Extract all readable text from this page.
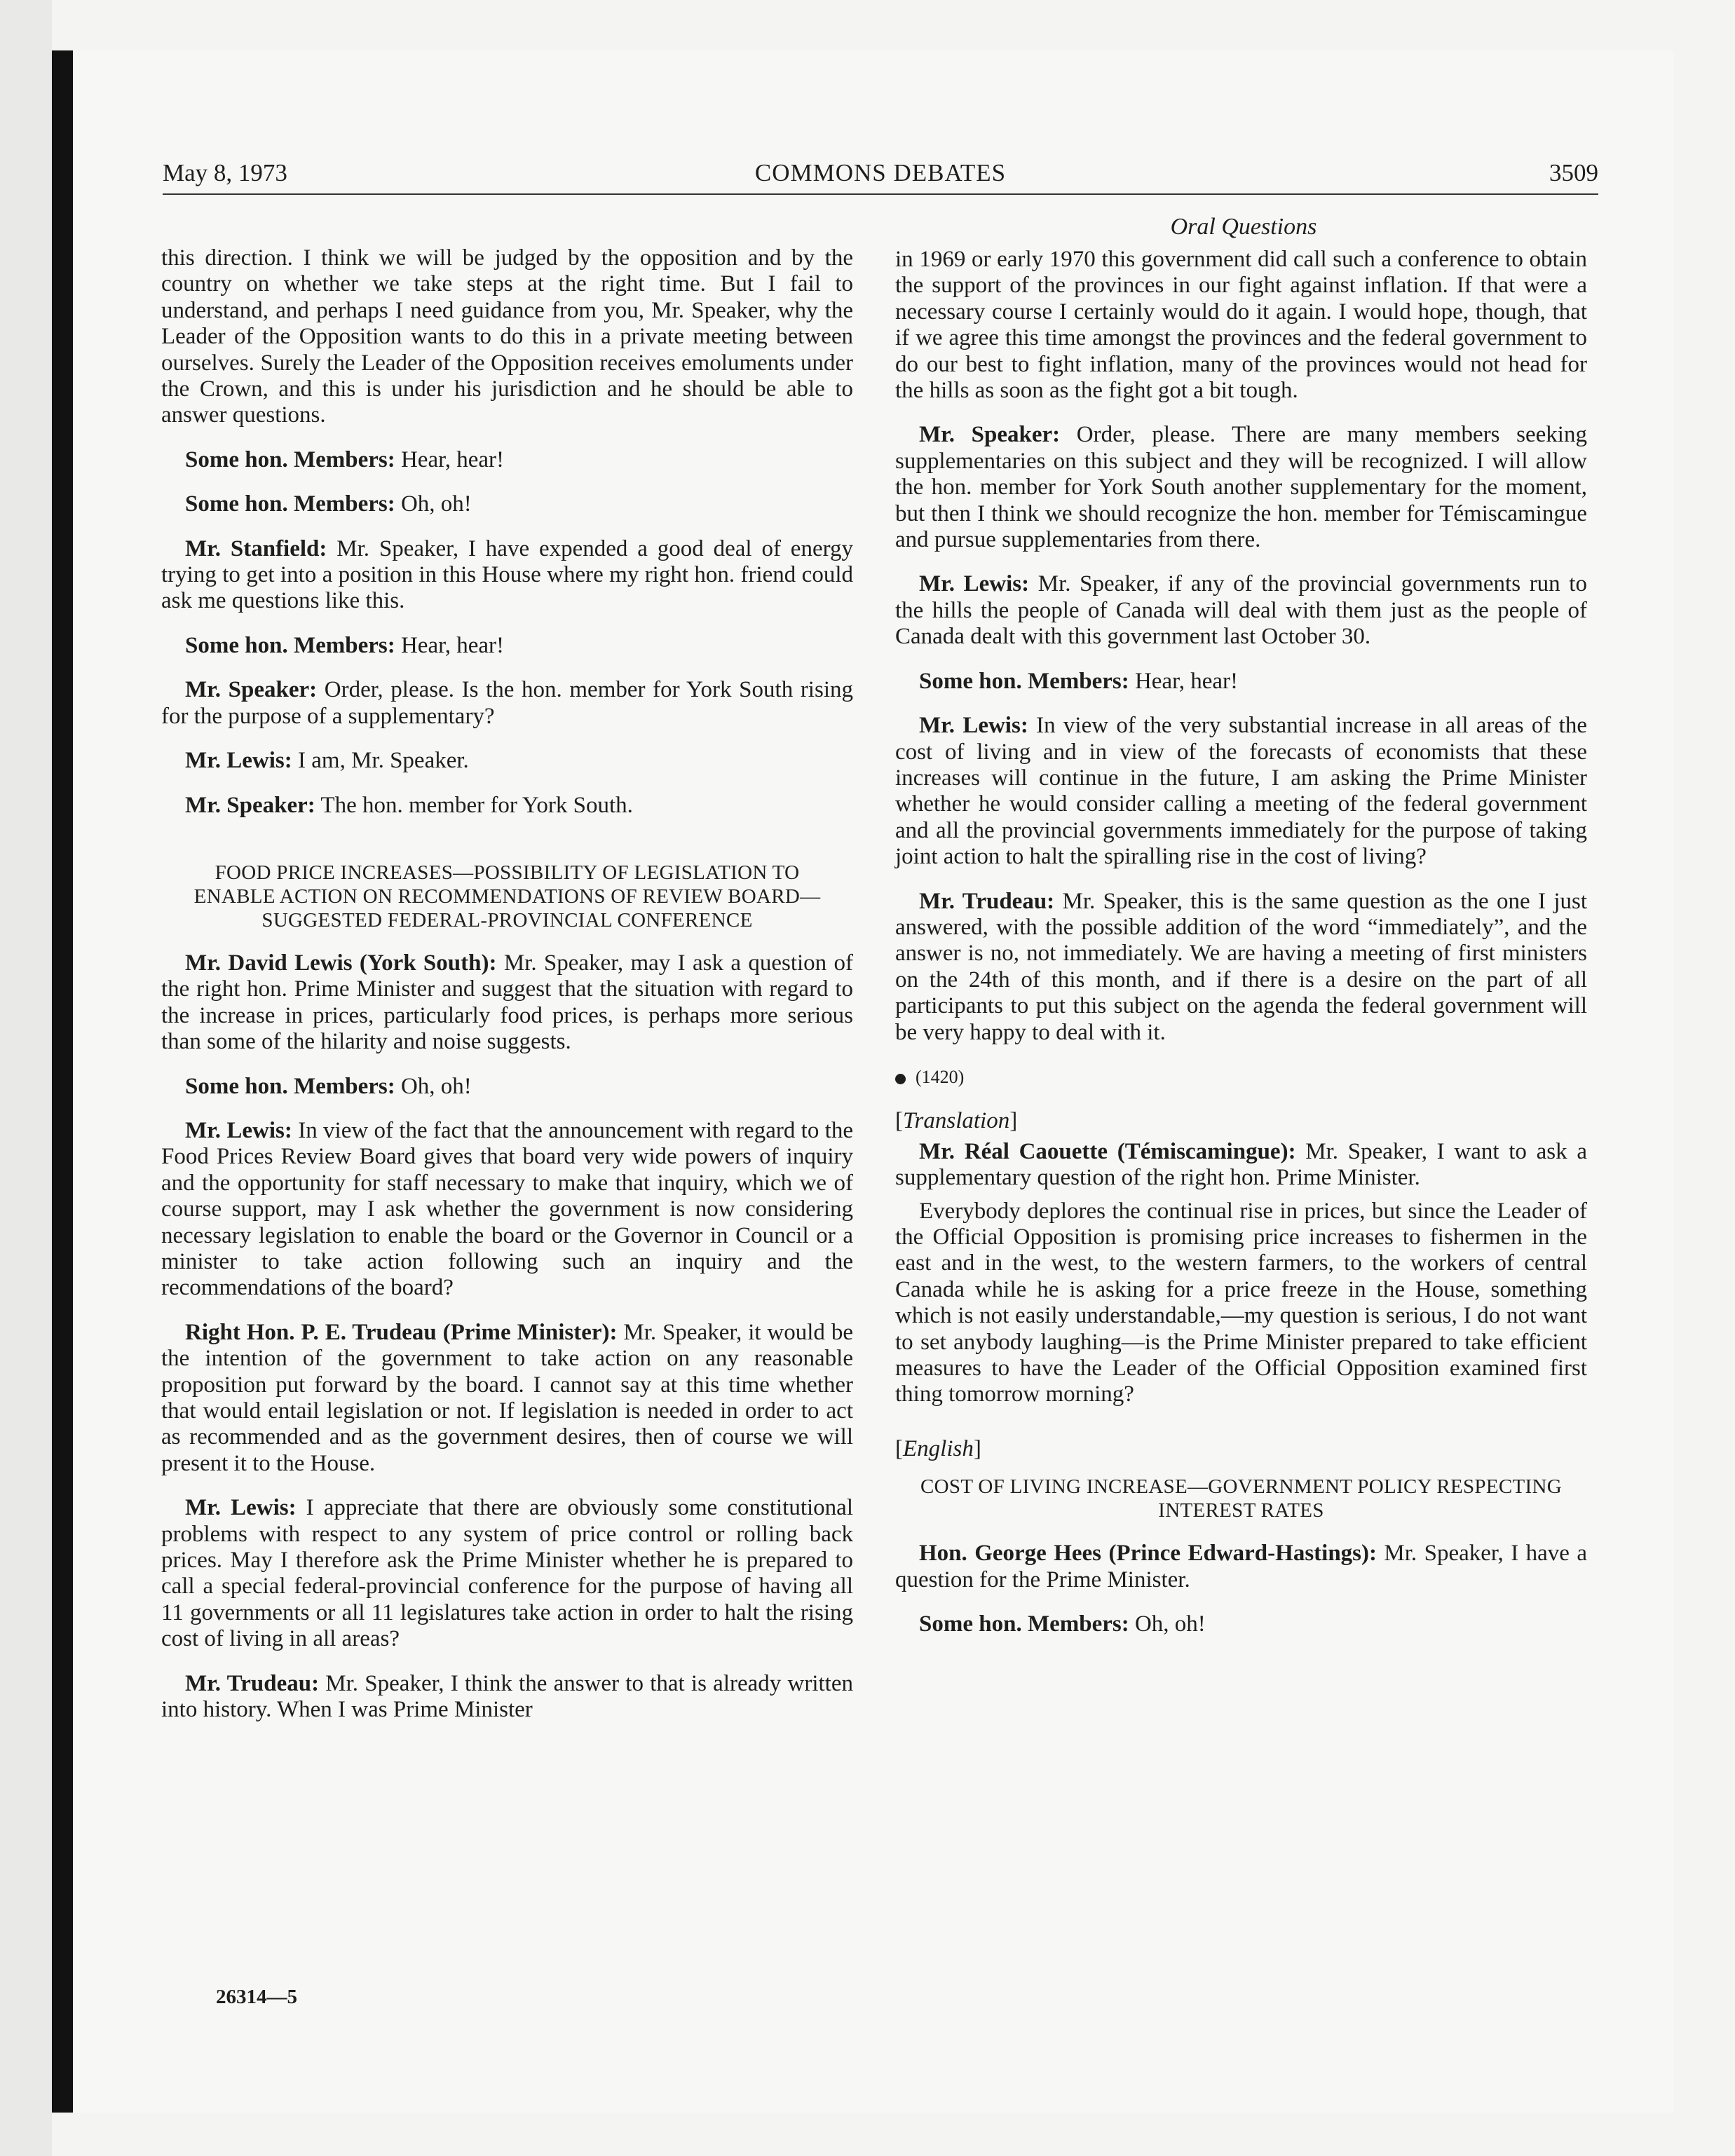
May 8, 1973	COMMONS DEBATES	3509
Oral Questions

this direction. I think we will be judged by the opposition and by the country on whether we take steps at the right time. But I fail to understand, and perhaps I need guidance from you, Mr. Speaker, why the Leader of the Opposition wants to do this in a private meeting between ourselves. Surely the Leader of the Opposition receives emoluments under the Crown, and this is under his jurisdiction and he should be able to answer questions.

Some hon. Members: Hear, hear!

Some hon. Members: Oh, oh!

Mr. Stanfield: Mr. Speaker, I have expended a good deal of energy trying to get into a position in this House where my right hon. friend could ask me questions like this.

Some hon. Members: Hear, hear!

Mr. Speaker: Order, please. Is the hon. member for York South rising for the purpose of a supplementary?

Mr. Lewis: I am, Mr. Speaker.

Mr. Speaker: The hon. member for York South.

FOOD PRICE INCREASES—POSSIBILITY OF LEGISLATION TO ENABLE ACTION ON RECOMMENDATIONS OF REVIEW BOARD—SUGGESTED FEDERAL-PROVINCIAL CONFERENCE

Mr. David Lewis (York South): Mr. Speaker, may I ask a question of the right hon. Prime Minister and suggest that the situation with regard to the increase in prices, particularly food prices, is perhaps more serious than some of the hilarity and noise suggests.

Some hon. Members: Oh, oh!

Mr. Lewis: In view of the fact that the announcement with regard to the Food Prices Review Board gives that board very wide powers of inquiry and the opportunity for staff necessary to make that inquiry, which we of course support, may I ask whether the government is now considering necessary legislation to enable the board or the Governor in Council or a minister to take action following such an inquiry and the recommendations of the board?

Right Hon. P. E. Trudeau (Prime Minister): Mr. Speaker, it would be the intention of the government to take action on any reasonable proposition put forward by the board. I cannot say at this time whether that would entail legislation or not. If legislation is needed in order to act as recommended and as the government desires, then of course we will present it to the House.

Mr. Lewis: I appreciate that there are obviously some constitutional problems with respect to any system of price control or rolling back prices. May I therefore ask the Prime Minister whether he is prepared to call a special federal-provincial conference for the purpose of having all 11 governments or all 11 legislatures take action in order to halt the rising cost of living in all areas?

Mr. Trudeau: Mr. Speaker, I think the answer to that is already written into history. When I was Prime Minister

in 1969 or early 1970 this government did call such a conference to obtain the support of the provinces in our fight against inflation. If that were a necessary course I certainly would do it again. I would hope, though, that if we agree this time amongst the provinces and the federal government to do our best to fight inflation, many of the provinces would not head for the hills as soon as the fight got a bit tough.

Mr. Speaker: Order, please. There are many members seeking supplementaries on this subject and they will be recognized. I will allow the hon. member for York South another supplementary for the moment, but then I think we should recognize the hon. member for Témiscamingue and pursue supplementaries from there.

Mr. Lewis: Mr. Speaker, if any of the provincial governments run to the hills the people of Canada will deal with them just as the people of Canada dealt with this government last October 30.

Some hon. Members: Hear, hear!

Mr. Lewis: In view of the very substantial increase in all areas of the cost of living and in view of the forecasts of economists that these increases will continue in the future, I am asking the Prime Minister whether he would consider calling a meeting of the federal government and all the provincial governments immediately for the purpose of taking joint action to halt the spiralling rise in the cost of living?

Mr. Trudeau: Mr. Speaker, this is the same question as the one I just answered, with the possible addition of the word “immediately”, and the answer is no, not immediately. We are having a meeting of first ministers on the 24th of this month, and if there is a desire on the part of all participants to put this subject on the agenda the federal government will be very happy to deal with it.

(1420)
[Translation]

Mr. Réal Caouette (Témiscamingue): Mr. Speaker, I want to ask a supplementary question of the right hon. Prime Minister.

Everybody deplores the continual rise in prices, but since the Leader of the Official Opposition is promising price increases to fishermen in the east and in the west, to the western farmers, to the workers of central Canada while he is asking for a price freeze in the House, something which is not easily understandable,—my question is serious, I do not want to set anybody laughing—is the Prime Minister prepared to take efficient measures to have the Leader of the Official Opposition examined first thing tomorrow morning?

[English]
COST OF LIVING INCREASE—GOVERNMENT POLICY RESPECTING INTEREST RATES

Hon. George Hees (Prince Edward-Hastings): Mr. Speaker, I have a question for the Prime Minister.

Some hon. Members: Oh, oh!

26314—5
